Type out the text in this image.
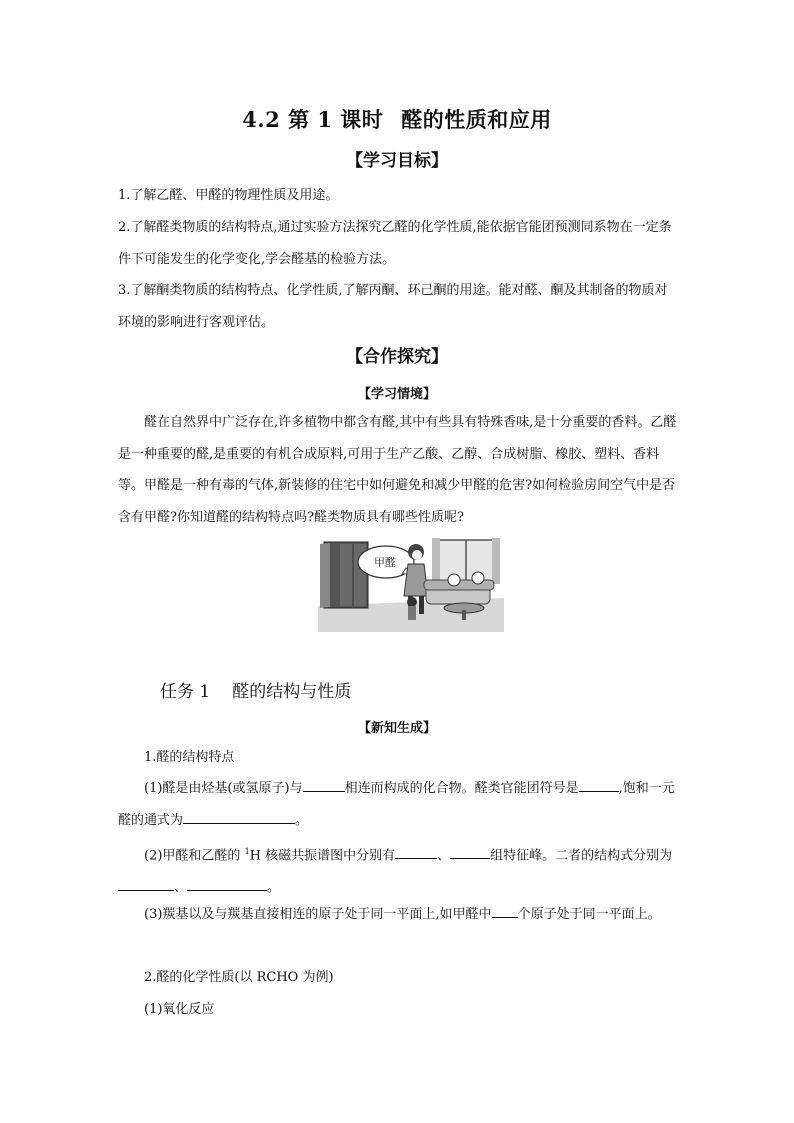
4.2 第 1 课时 醛的性质和应用
【学习目标】
1.了解乙醛、甲醛的物理性质及用途。
2.了解醛类物质的结构特点,通过实验方法探究乙醛的化学性质,能依据官能团预测同系物在一定条件下可能发生的化学变化,学会醛基的检验方法。
3.了解酮类物质的结构特点、化学性质,了解丙酮、环己酮的用途。能对醛、酮及其制备的物质对环境的影响进行客观评估。
【合作探究】
【学习情境】
醛在自然界中广泛存在,许多植物中都含有醛,其中有些具有特殊香味,是十分重要的香料。乙醛是一种重要的醛,是重要的有机合成原料,可用于生产乙酸、乙醇、合成树脂、橡胶、塑料、香料等。甲醛是一种有毒的气体,新装修的住宅中如何避免和减少甲醛的危害?如何检验房间空气中是否含有甲醛?你知道醛的结构特点吗?醛类物质具有哪些性质呢?
甲醛
任务 1 醛的结构与性质
【新知生成】
1.醛的结构特点
(1)醛是由烃基(或氢原子)与	相连而构成的化合物。醛类官能团符号是	,饱和一元醛的通式为	。
(2)甲醛和乙醛的 $^1$H 核磁共振谱图中分别有	、	组特征峰。二者的结构式分别为、	。
(3)羰基以及与羰基直接相连的原子处于同一平面上,如甲醛中 个原子处于同一平面上。
2.醛的化学性质(以 RCHO 为例)
(1)氧化反应
